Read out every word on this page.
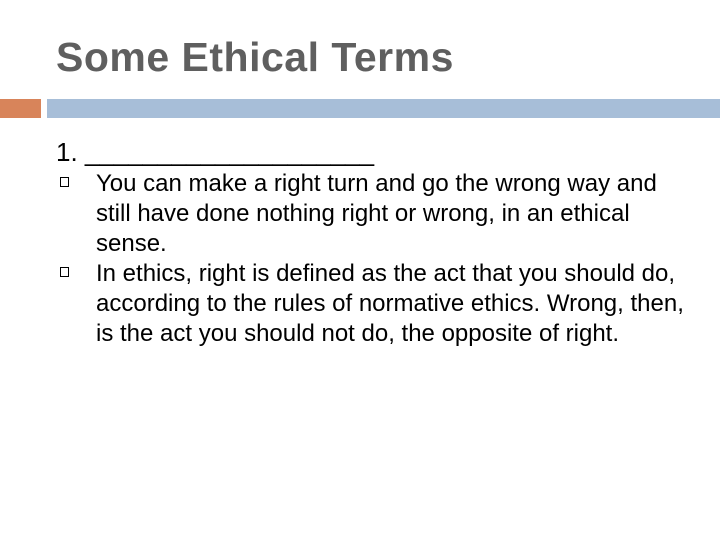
Some Ethical Terms
1. ____________________
You can make a right turn and go the wrong way and still have done nothing right or wrong, in an ethical sense.
In ethics, right is defined as the act that you should do, according to the rules of normative ethics. Wrong, then, is the act you should not do, the opposite of right.
